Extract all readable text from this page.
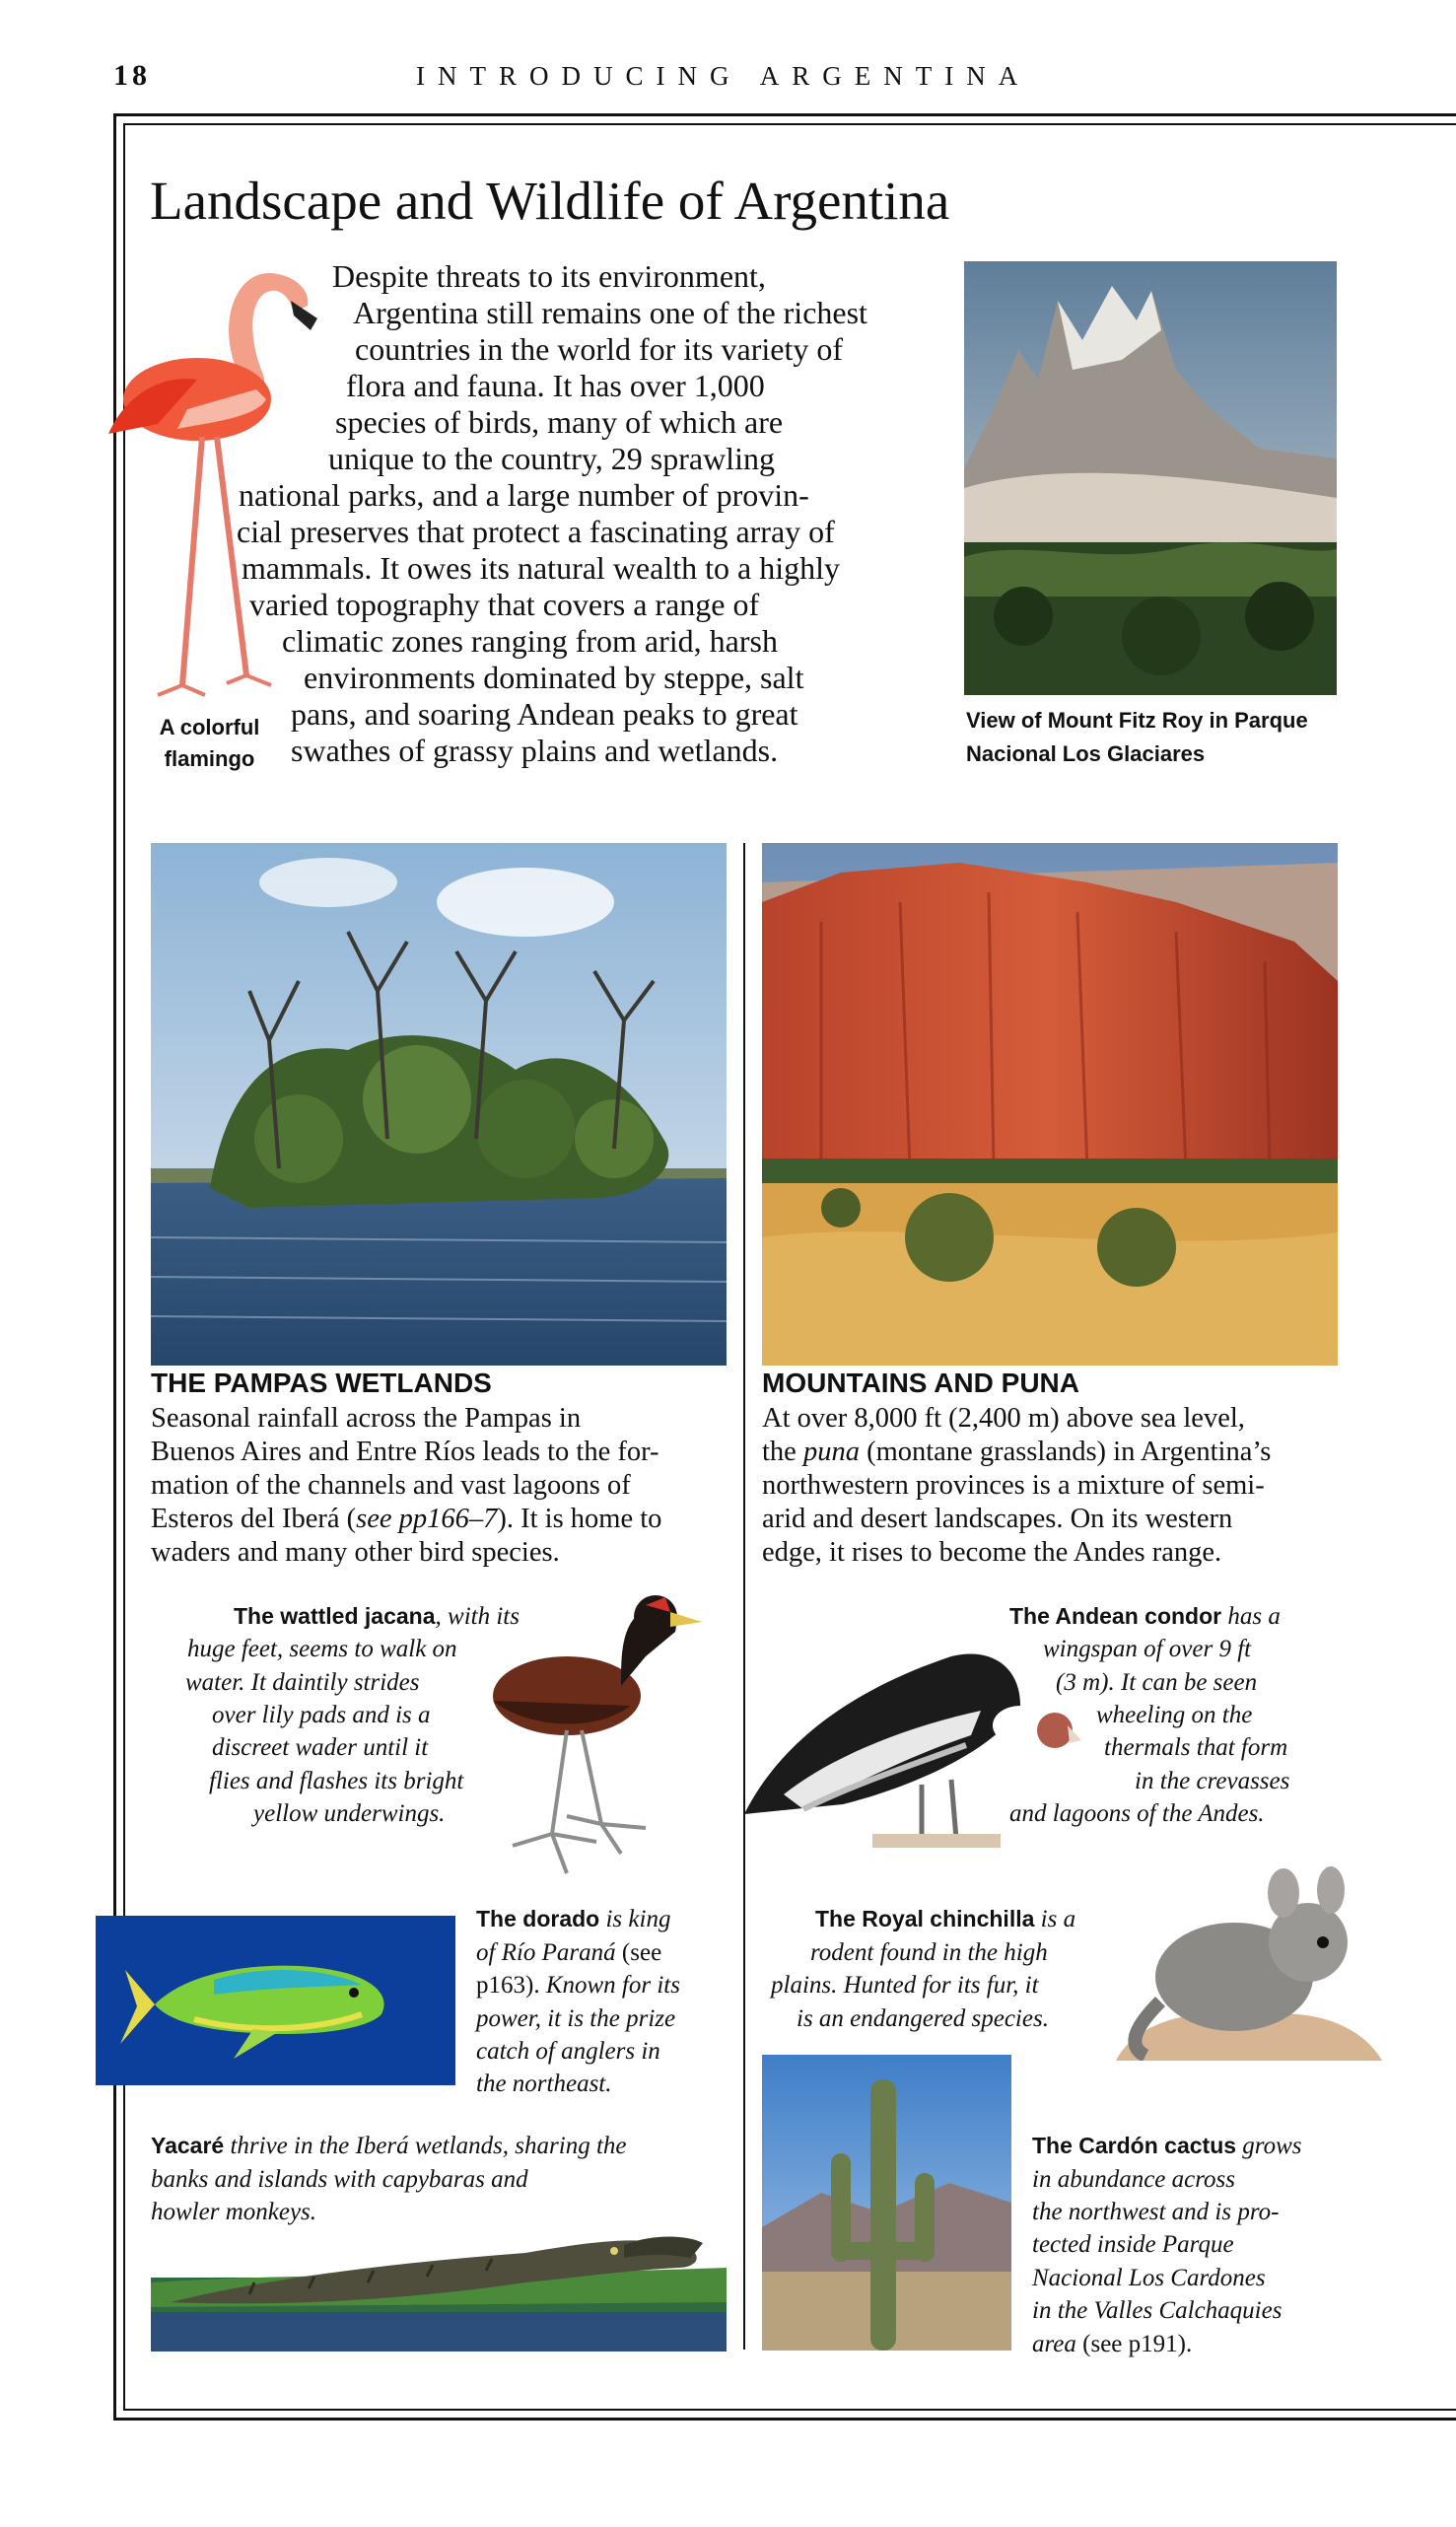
18	INTRODUCING ARGENTINA
Landscape and Wildlife of Argentina
Despite threats to its environment,
Argentina still remains one of the richest
countries in the world for its variety of
flora and fauna. It has over 1,000
species of birds, many of which are
unique to the country, 29 sprawling
national parks, and a large number of provin-
cial preserves that protect a fascinating array of
mammals. It owes its natural wealth to a highly
varied topography that covers a range of
climatic zones ranging from arid, harsh
environments dominated by steppe, salt
pans, and soaring Andean peaks to great
swathes of grassy plains and wetlands.
A colorful
flamingo
View of Mount Fitz Roy in Parque
Nacional Los Glaciares
THE PAMPAS WETLANDS
Seasonal rainfall across the Pampas in
Buenos Aires and Entre Ríos leads to the for-
mation of the channels and vast lagoons of
Esteros del Iberá (see pp166–7). It is home to
waders and many other bird species.
MOUNTAINS AND PUNA
At over 8,000 ft (2,400 m) above sea level,
the puna (montane grasslands) in Argentina’s
northwestern provinces is a mixture of semi-
arid and desert landscapes. On its western
edge, it rises to become the Andes range.
The wattled jacana, with its
huge feet, seems to walk on
water. It daintily strides
over lily pads and is a
discreet wader until it
flies and flashes its bright
yellow underwings.
The Andean condor has a
wingspan of over 9 ft
(3 m). It can be seen
wheeling on the
thermals that form
in the crevasses
and lagoons of the Andes.
The dorado is king
of Río Paraná (see
p163). Known for its
power, it is the prize
catch of anglers in
the northeast.
The Royal chinchilla is a
rodent found in the high
plains. Hunted for its fur, it
is an endangered species.
Yacaré thrive in the Iberá wetlands, sharing the
banks and islands with capybaras and
howler monkeys.
The Cardón cactus grows
in abundance across
the northwest and is pro-
tected inside Parque
Nacional Los Cardones
in the Valles Calchaquies
area (see p191).
